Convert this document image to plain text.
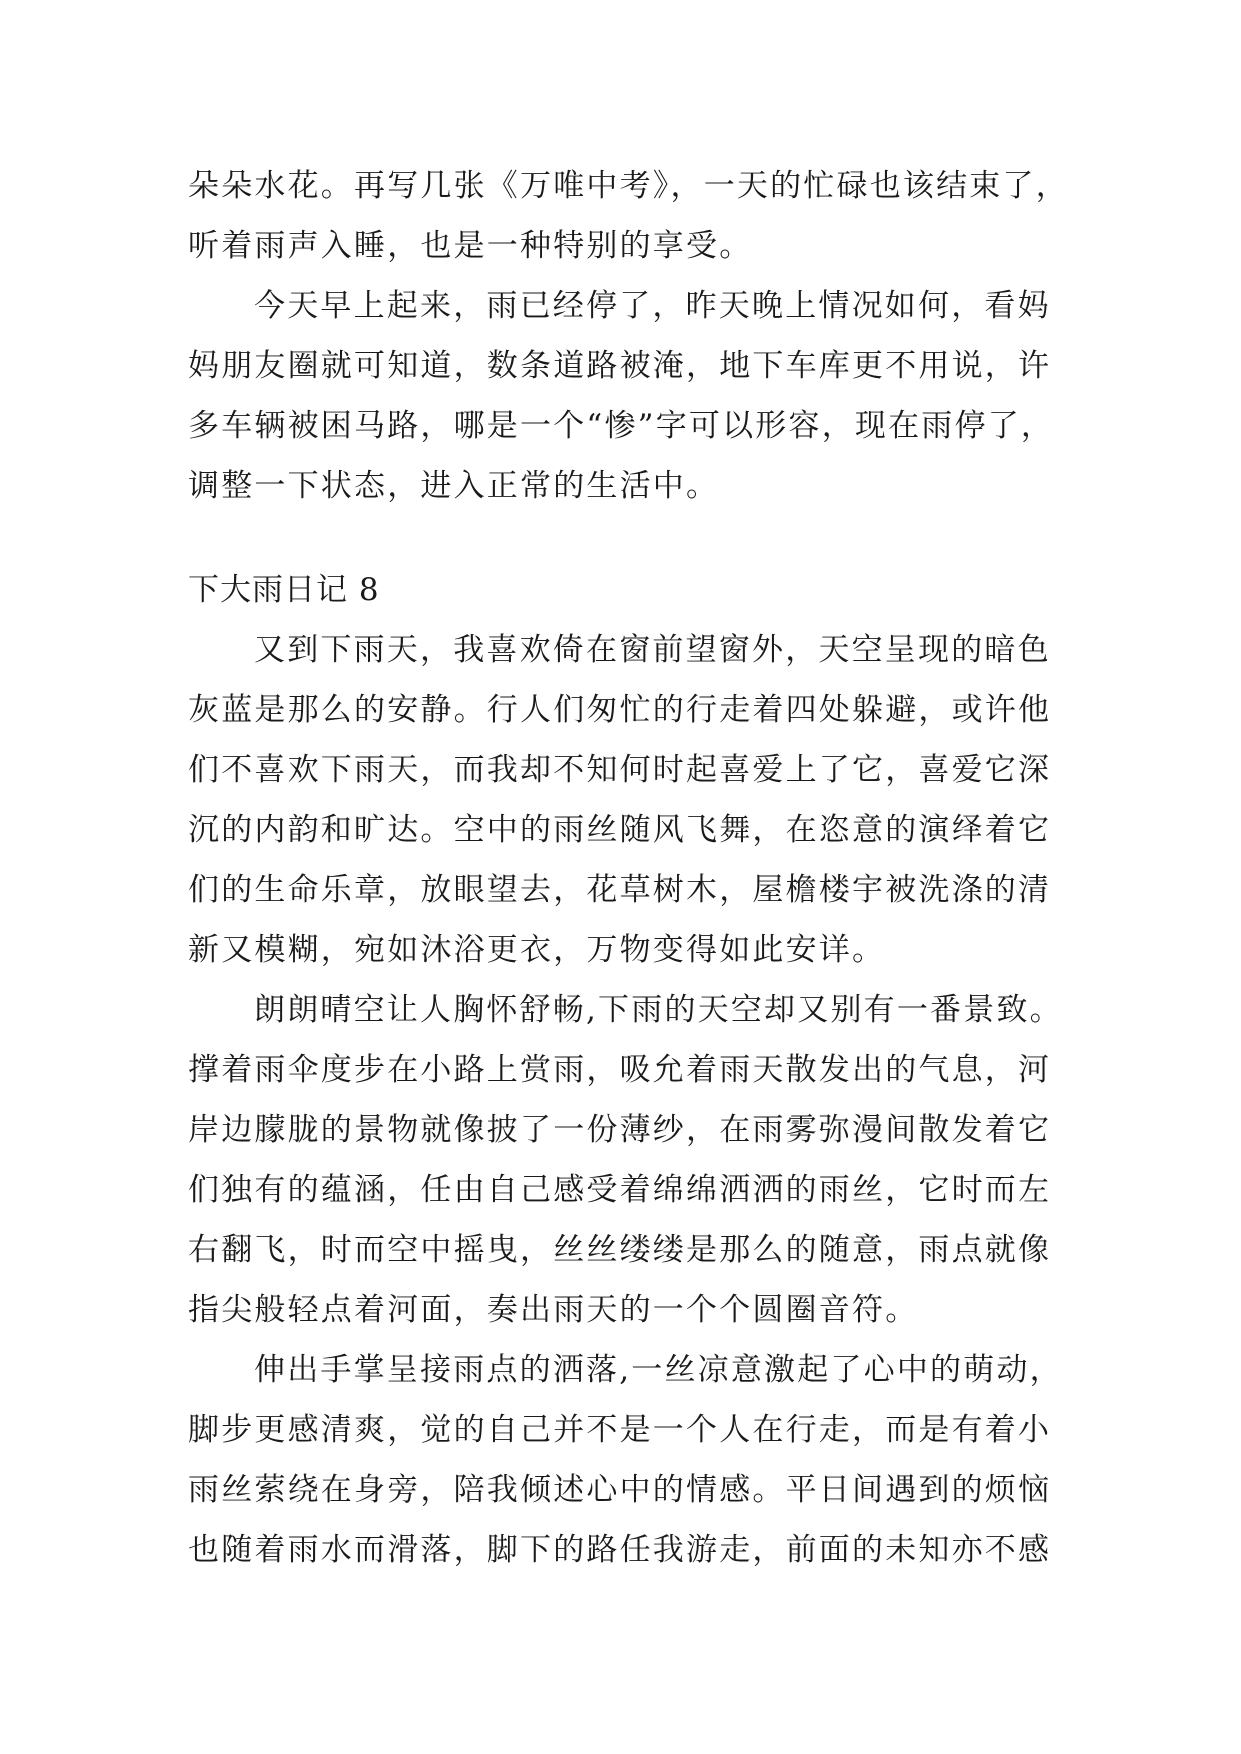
朵朵水花。再写几张《万唯中考》，一天的忙碌也该结束了，
听着雨声入睡，也是一种特别的享受。
今天早上起来，雨已经停了，昨天晚上情况如何，看妈
妈朋友圈就可知道，数条道路被淹，地下车库更不用说，许
多车辆被困马路，哪是一个“惨”字可以形容，现在雨停了，
调整一下状态，进入正常的生活中。
下大雨日记 8
又到下雨天，我喜欢倚在窗前望窗外，天空呈现的暗色
灰蓝是那么的安静。行人们匆忙的行走着四处躲避，或许他
们不喜欢下雨天，而我却不知何时起喜爱上了它，喜爱它深
沉的内韵和旷达。空中的雨丝随风飞舞，在恣意的演绎着它
们的生命乐章，放眼望去，花草树木，屋檐楼宇被洗涤的清
新又模糊，宛如沐浴更衣，万物变得如此安详。
朗朗晴空让人胸怀舒畅,下雨的天空却又别有一番景致。
撑着雨伞度步在小路上赏雨，吸允着雨天散发出的气息，河
岸边朦胧的景物就像披了一份薄纱，在雨雾弥漫间散发着它
们独有的蕴涵，任由自己感受着绵绵洒洒的雨丝，它时而左
右翻飞，时而空中摇曳，丝丝缕缕是那么的随意，雨点就像
指尖般轻点着河面，奏出雨天的一个个圆圈音符。
伸出手掌呈接雨点的洒落,一丝凉意激起了心中的萌动，
脚步更感清爽，觉的自己并不是一个人在行走，而是有着小
雨丝萦绕在身旁，陪我倾述心中的情感。平日间遇到的烦恼
也随着雨水而滑落，脚下的路任我游走，前面的未知亦不感
